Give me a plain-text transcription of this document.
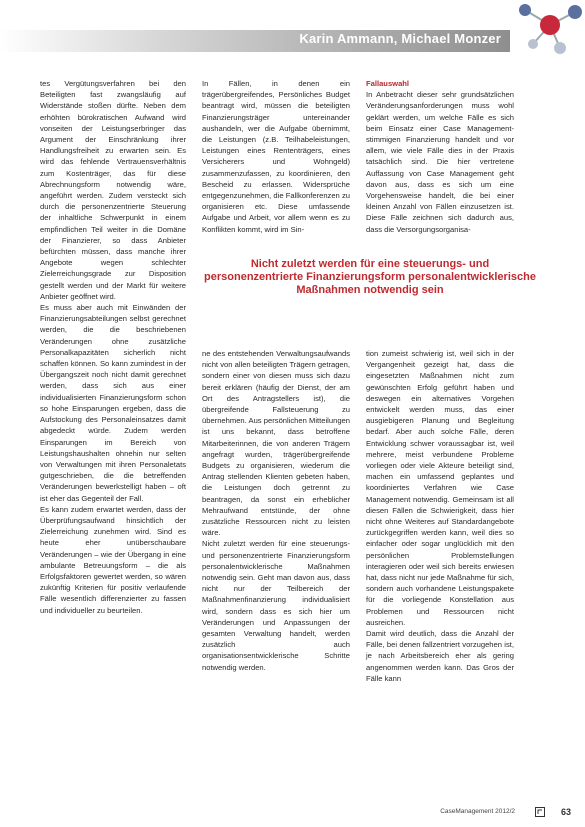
Karin Ammann, Michael Monzer

tes Vergütungsverfahren bei den Beteiligten fast zwangsläufig auf Widerstände stoßen dürfte. Neben dem erhöhten bürokratischen Aufwand wird vonseiten der Leistungserbringer das Argument der Einschränkung ihrer Handlungsfreiheit zu erwarten sein. Es wird das fehlende Vertrauensverhältnis zum Kostenträger, das für diese Abrechnungsform notwendig wäre, angeführt werden. Zudem versteckt sich durch die personenzentrierte Steuerung der inhaltliche Schwerpunkt in einem empfindlichen Teil weiter in die Domäne der Finanzierer, so dass Anbieter befürchten müssen, dass manche ihrer Angebote wegen schlechter Zielerreichungsgrade zur Disposition gestellt werden und der Markt für weitere Anbieter geöffnet wird.

Es muss aber auch mit Einwänden der Finanzierungsabteilungen selbst gerechnet werden, die die beschriebenen Veränderungen ohne zusätzliche Personalkapazitäten sicherlich nicht schaffen können. So kann zumindest in der Übergangszeit noch nicht damit gerechnet werden, dass sich aus einer individualisierten Finanzierungsform schon so hohe Einsparungen ergeben, dass die Aufstockung des Personaleinsatzes damit abgedeckt würde. Zudem werden Einsparungen im Bereich von Leistungshaushalten ohnehin nur selten von Verwaltungen mit ihren Personaletats gutgeschrieben, die die betreffenden Veränderungen bewerkstelligt haben – oft ist eher das Gegenteil der Fall.

Es kann zudem erwartet werden, dass der Überprüfungsaufwand hinsichtlich der Zielerreichung zunehmen wird. Sind es heute eher unüberschaubare Veränderungen – wie der Übergang in eine ambulante Betreuungsform – die als Erfolgsfaktoren gewertet werden, so wären zukünftig Kriterien für positiv verlaufende Fälle wesentlich differenzierter zu fassen und individueller zu beurteilen.

In Fällen, in denen ein trägerübergreifendes, Persönliches Budget beantragt wird, müssen die beteiligten Finanzierungsträger untereinander aushandeln, wer die Aufgabe übernimmt, die Leistungen (z.B. Teilhabeleistungen, Leistungen eines Rententrägers, eines Versicherers und Wohngeld) zusammenzufassen, zu koordinieren, den Bescheid zu erlassen. Widersprüche entgegenzunehmen, die Fallkonferenzen zu organisieren etc. Diese umfassende Aufgabe und Arbeit, vor allem wenn es zu Konflikten kommt, wird im Sin-

Fallauswahl

In Anbetracht dieser sehr grundsätzlichen Veränderungsanforderungen muss wohl geklärt werden, um welche Fälle es sich beim Einsatz einer Case Management-stimmigen Finanzierung handelt und vor allem, wie viele Fälle dies in der Praxis tatsächlich sind. Die hier vertretene Auffassung von Case Management geht davon aus, dass es sich um eine Vorgehensweise handelt, die bei einer kleinen Anzahl von Fällen einzusetzen ist. Diese Fälle zeichnen sich dadurch aus, dass die Versorgungsorganisa-

Nicht zuletzt werden für eine steuerungs- und personenzentrierte Finanzierungsform personalentwicklerische Maßnahmen notwendig sein

ne des entstehenden Verwaltungsaufwands nicht von allen beteiligten Trägern getragen, sondern einer von diesen muss sich dazu bereit erklären (häufig der Dienst, der am Ort des Antragstellers ist), die übergreifende Fallsteuerung zu übernehmen. Aus persönlichen Mitteilungen ist uns bekannt, dass betroffene Mitarbeiterinnen, die von anderen Trägern angefragt wurden, trägerübergreifende Budgets zu organisieren, wiederum die Antrag stellenden Klienten gebeten haben, die Leistungen doch getrennt zu beantragen, da sonst ein erheblicher Mehraufwand entstünde, der ohne zusätzliche Ressourcen nicht zu leisten wäre.

Nicht zuletzt werden für eine steuerungs- und personenzentrierte Finanzierungsform personalentwicklerische Maßnahmen notwendig sein. Geht man davon aus, dass nicht nur der Teilbereich der Maßnahmenfinanzierung individualisiert wird, sondern dass es sich hier um Veränderungen und Anpassungen der gesamten Verwaltung handelt, werden zusätzlich auch organisationsentwicklerische Schritte notwendig werden.

tion zumeist schwierig ist, weil sich in der Vergangenheit gezeigt hat, dass die eingesetzten Maßnahmen nicht zum gewünschten Erfolg geführt haben und deswegen ein alternatives Vorgehen entwickelt werden muss, das einer ausgiebigeren Planung und Begleitung bedarf. Aber auch solche Fälle, deren Entwicklung schwer voraussagbar ist, weil mehrere, meist verbundene Probleme vorliegen oder viele Akteure beteiligt sind, machen ein umfassend geplantes und koordiniertes Verfahren wie Case Management notwendig. Gemeinsam ist all diesen Fällen die Schwierigkeit, dass hier nicht ohne Weiteres auf Standardangebote zurückgegriffen werden kann, weil dies so einfacher oder sogar unglücklich mit den persönlichen Problemstellungen interagieren oder weil sich bereits erwiesen hat, dass nicht nur jede Maßnahme für sich, sondern auch vorhandene Leistungspakete für die vorliegende Konstellation aus Problemen und Ressourcen nicht ausreichen.

Damit wird deutlich, dass die Anzahl der Fälle, bei denen fallzentriert vorzugehen ist, je nach Arbeitsbereich eher als gering angenommen werden kann. Das Gros der Fälle kann

CaseManagement 2012/2	63
